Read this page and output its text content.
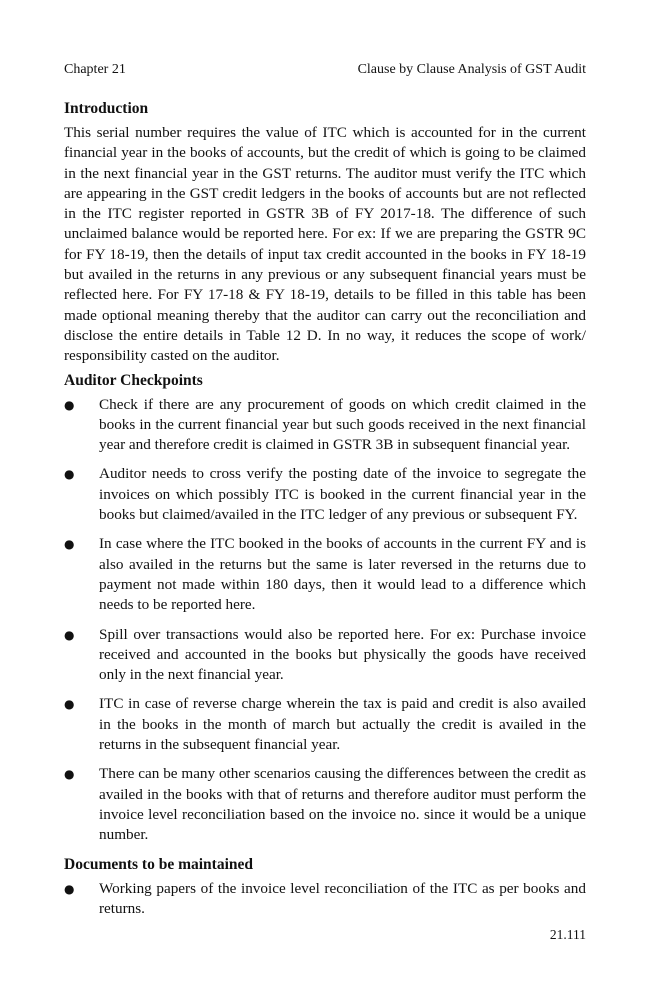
Chapter 21	Clause by Clause Analysis of GST Audit
Introduction

This serial number requires the value of ITC which is accounted for in the current financial year in the books of accounts, but the credit of which is going to be claimed in the next financial year in the GST returns. The auditor must verify the ITC which are appearing in the GST credit ledgers in the books of accounts but are not reflected in the ITC register reported in GSTR 3B of FY 2017-18. The difference of such unclaimed balance would be reported here. For ex: If we are preparing the GSTR 9C for FY 18-19, then the details of input tax credit accounted in the books in FY 18-19 but availed in the returns in any previous or any subsequent financial years must be reflected here. For FY 17-18 & FY 18-19, details to be filled in this table has been made optional meaning thereby that the auditor can carry out the reconciliation and disclose the entire details in Table 12 D. In no way, it reduces the scope of work/ responsibility casted on the auditor.

Auditor Checkpoints
● Check if there are any procurement of goods on which credit claimed in the books in the current financial year but such goods received in the next financial year and therefore credit is claimed in GSTR 3B in subsequent financial year.
● Auditor needs to cross verify the posting date of the invoice to segregate the invoices on which possibly ITC is booked in the current financial year in the books but claimed/availed in the ITC ledger of any previous or subsequent FY.
● In case where the ITC booked in the books of accounts in the current FY and is also availed in the returns but the same is later reversed in the returns due to payment not made within 180 days, then it would lead to a difference which needs to be reported here.
● Spill over transactions would also be reported here. For ex: Purchase invoice received and accounted in the books but physically the goods have received only in the next financial year.
● ITC in case of reverse charge wherein the tax is paid and credit is also availed in the books in the month of march but actually the credit is availed in the returns in the subsequent financial year.
● There can be many other scenarios causing the differences between the credit as availed in the books with that of returns and therefore auditor must perform the invoice level reconciliation based on the invoice no. since it would be a unique number.
Documents to be maintained
● Working papers of the invoice level reconciliation of the ITC as per books and returns.
21.111
